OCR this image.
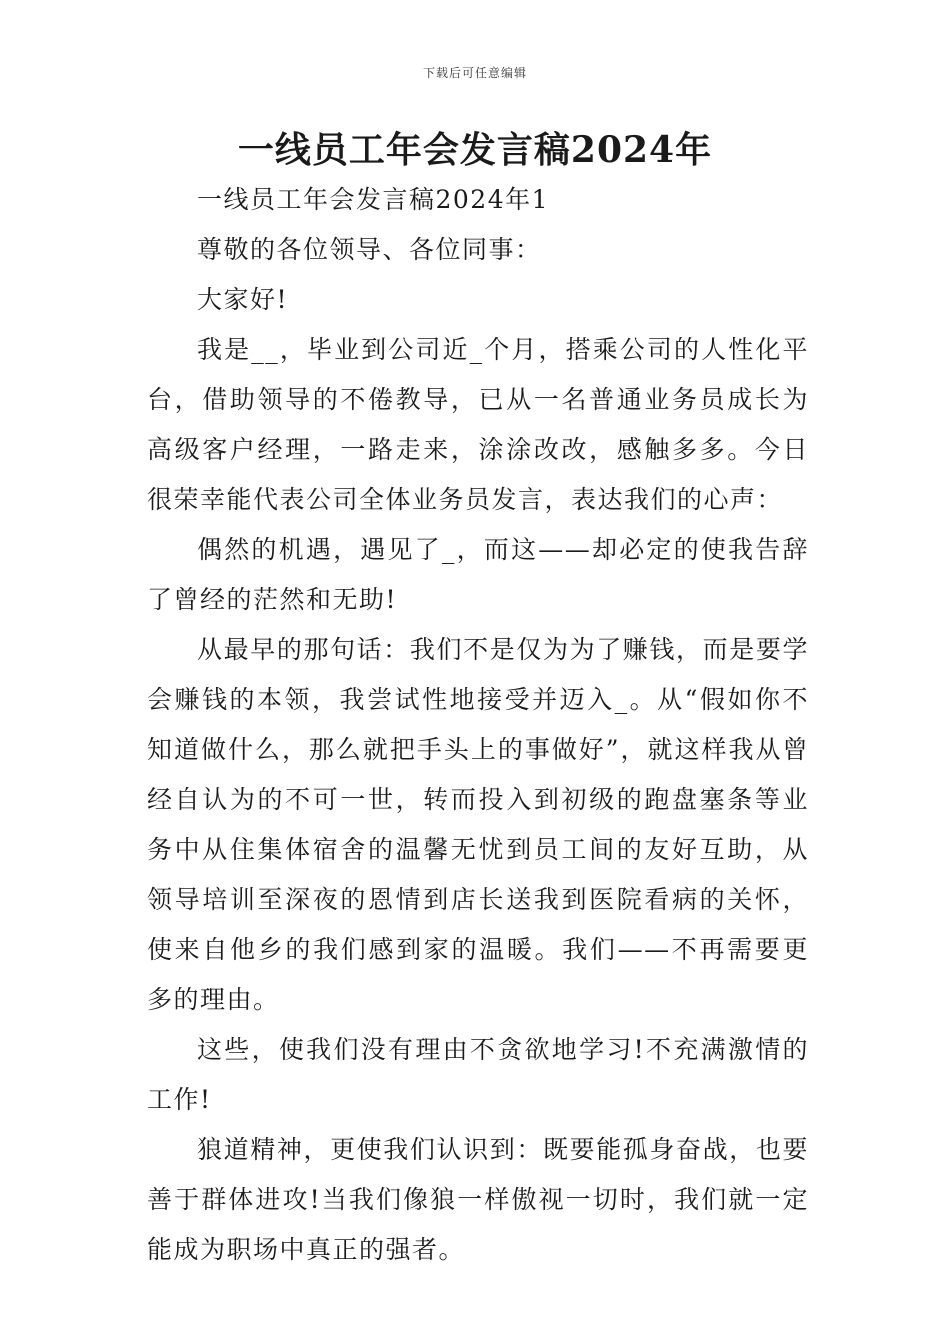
下载后可任意编辑
一线员工年会发言稿2024年

一线员工年会发言稿2024年1

尊敬的各位领导、各位同事：

大家好!

我是__，毕业到公司近_个月，搭乘公司的人性化平台，借助领导的不倦教导，已从一名普通业务员成长为高级客户经理，一路走来，涂涂改改，感触多多。今日很荣幸能代表公司全体业务员发言，表达我们的心声：

偶然的机遇，遇见了_，而这——却必定的使我告辞了曾经的茫然和无助!

从最早的那句话：我们不是仅为为了赚钱，而是要学会赚钱的本领，我尝试性地接受并迈入_。从“假如你不知道做什么，那么就把手头上的事做好”，就这样我从曾经自认为的不可一世，转而投入到初级的跑盘塞条等业务中从住集体宿舍的温馨无忧到员工间的友好互助，从领导培训至深夜的恩情到店长送我到医院看病的关怀，使来自他乡的我们感到家的温暖。我们——不再需要更多的理由。

这些，使我们没有理由不贪欲地学习!不充满激情的工作!

狼道精神，更使我们认识到：既要能孤身奋战，也要善于群体进攻!当我们像狼一样傲视一切时，我们就一定能成为职场中真正的强者。
